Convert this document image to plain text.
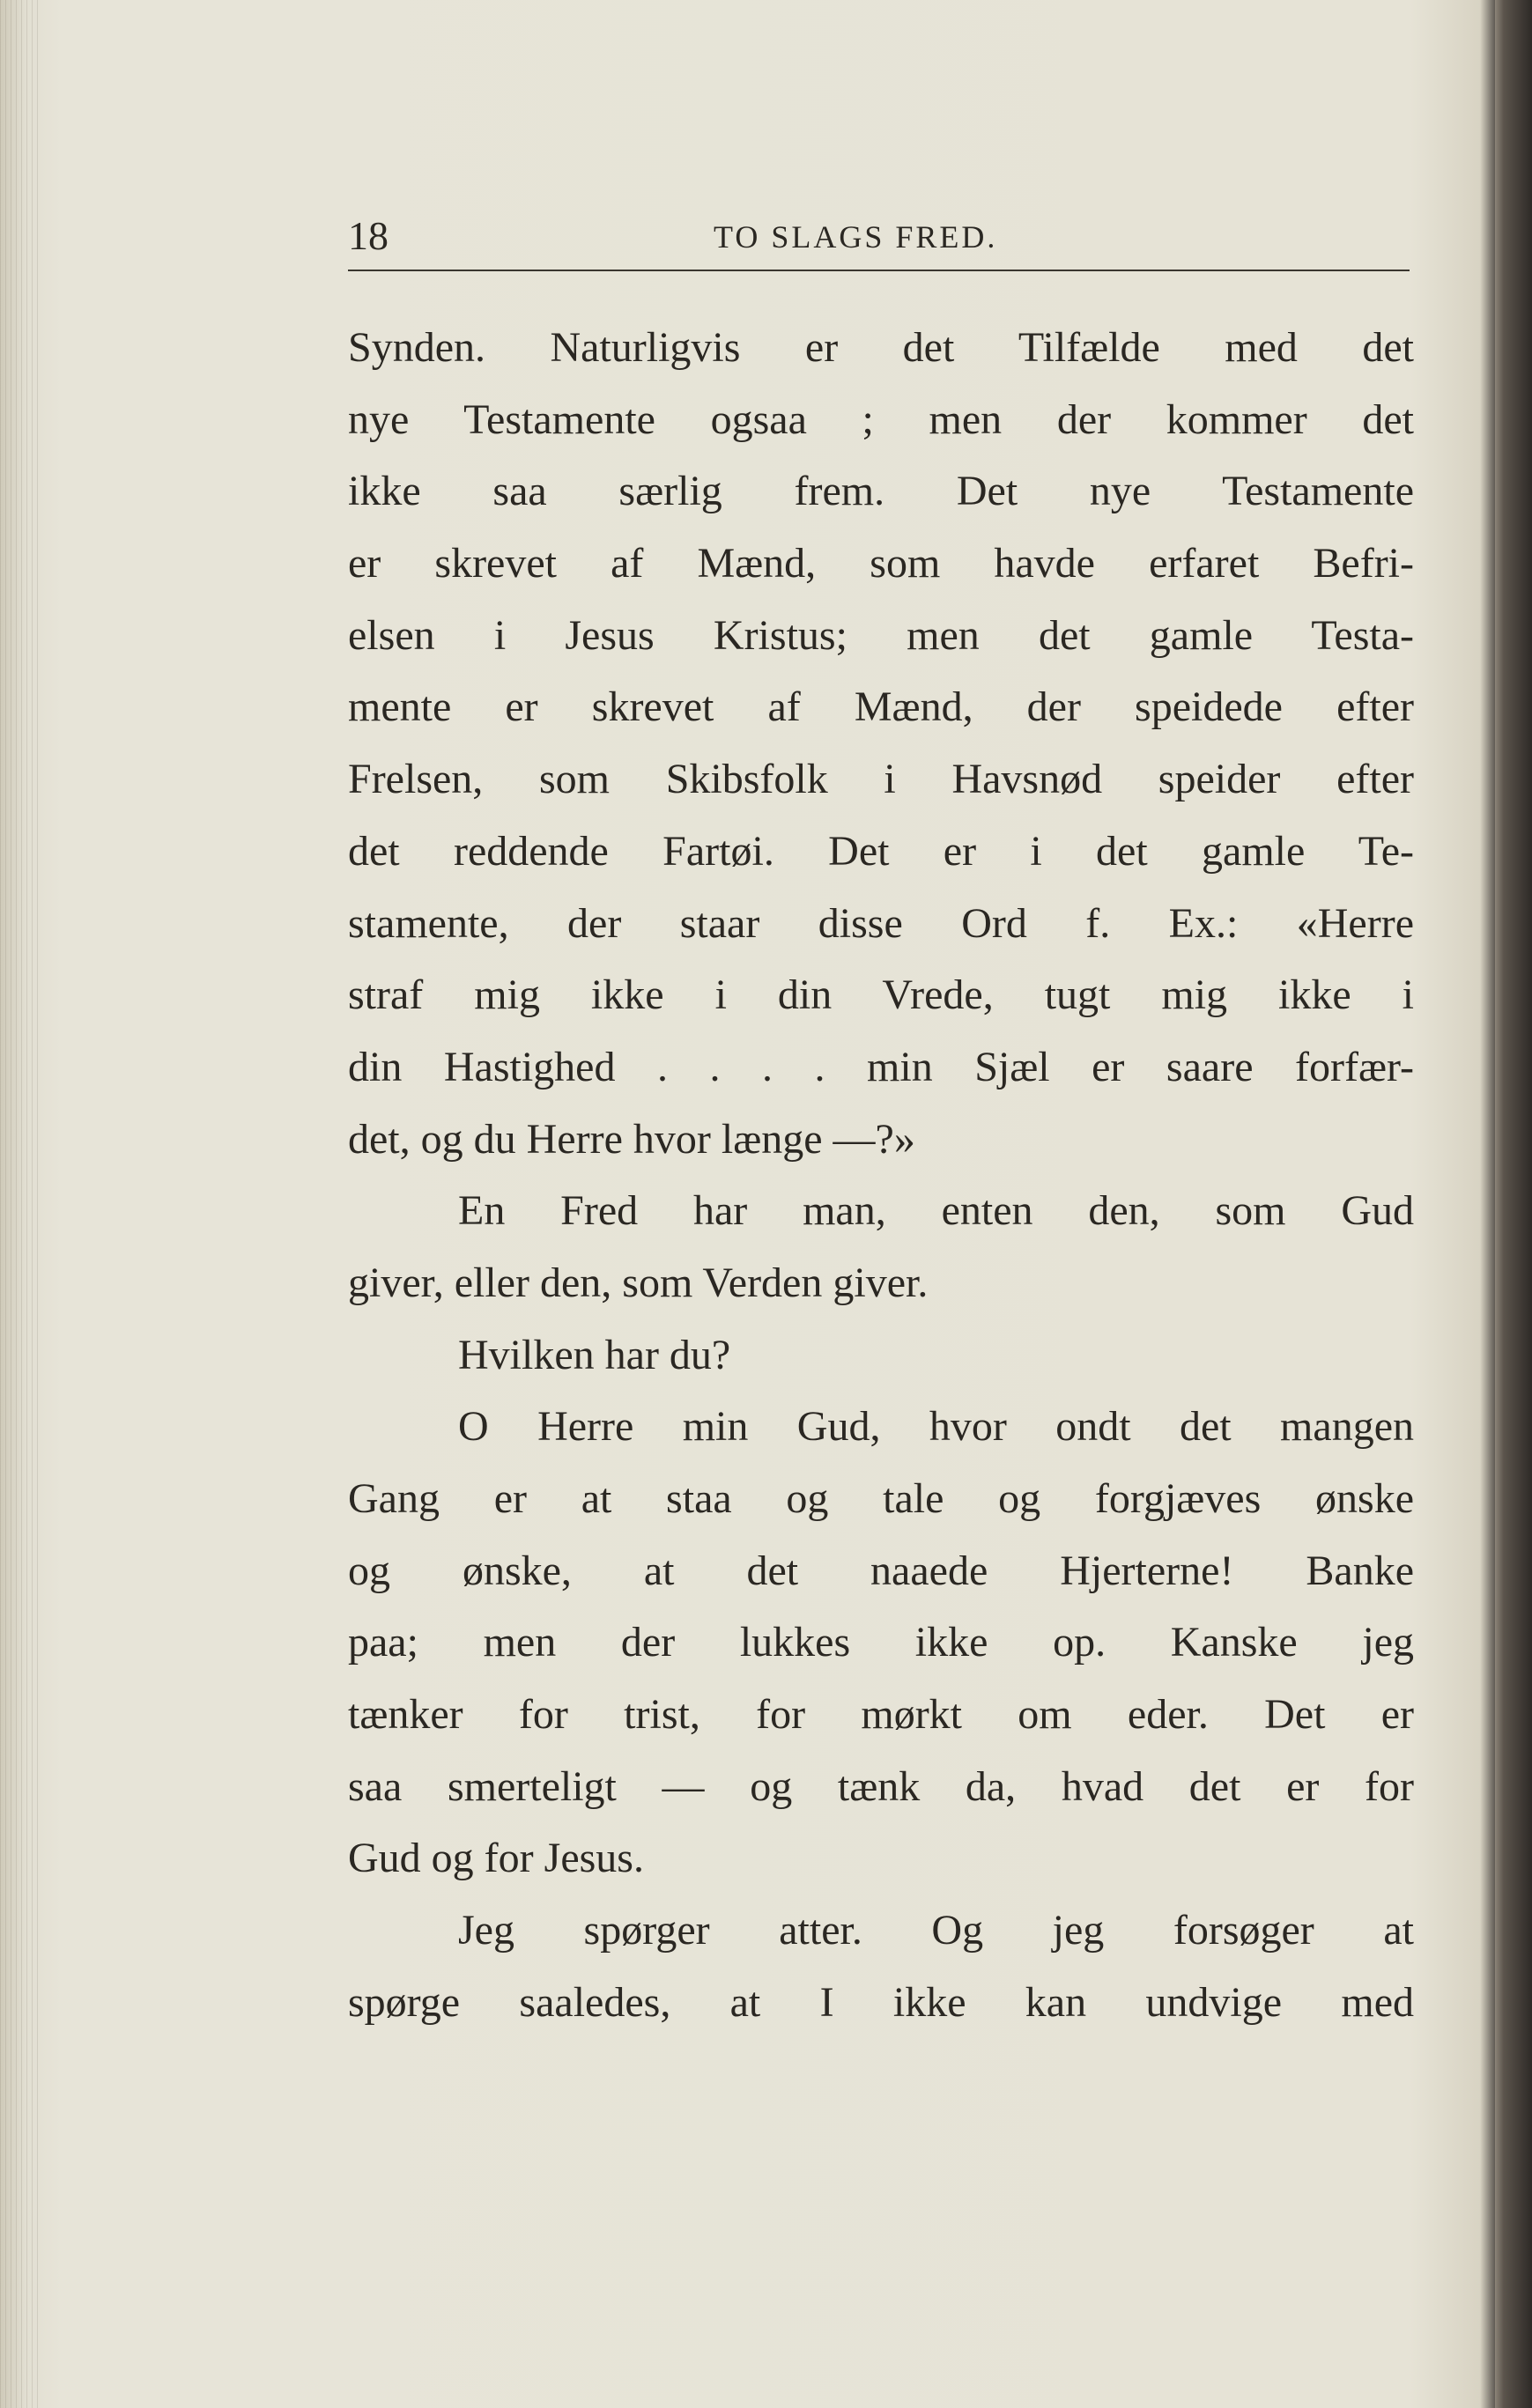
18	TO SLAGS FRED.
Synden. Naturligvis er det Tilfælde med det
nye Testamente ogsaa ; men der kommer det
ikke saa særlig frem. Det nye Testamente
er skrevet af Mænd, som havde erfaret Befri-
elsen i Jesus Kristus; men det gamle Testa-
mente er skrevet af Mænd, der speidede efter
Frelsen, som Skibsfolk i Havsnød speider efter
det reddende Fartøi. Det er i det gamle Te-
stamente, der staar disse Ord f. Ex.: «Herre
straf mig ikke i din Vrede, tugt mig ikke i
din Hastighed . . . . min Sjæl er saare forfær-
det, og du Herre hvor længe —?»
En Fred har man, enten den, som Gud
giver, eller den, som Verden giver.
Hvilken har du?
O Herre min Gud, hvor ondt det mangen
Gang er at staa og tale og forgjæves ønske
og ønske, at det naaede Hjerterne! Banke
paa; men der lukkes ikke op. Kanske jeg
tænker for trist, for mørkt om eder. Det er
saa smerteligt — og tænk da, hvad det er for
Gud og for Jesus.
Jeg spørger atter. Og jeg forsøger at
spørge saaledes, at I ikke kan undvige med
